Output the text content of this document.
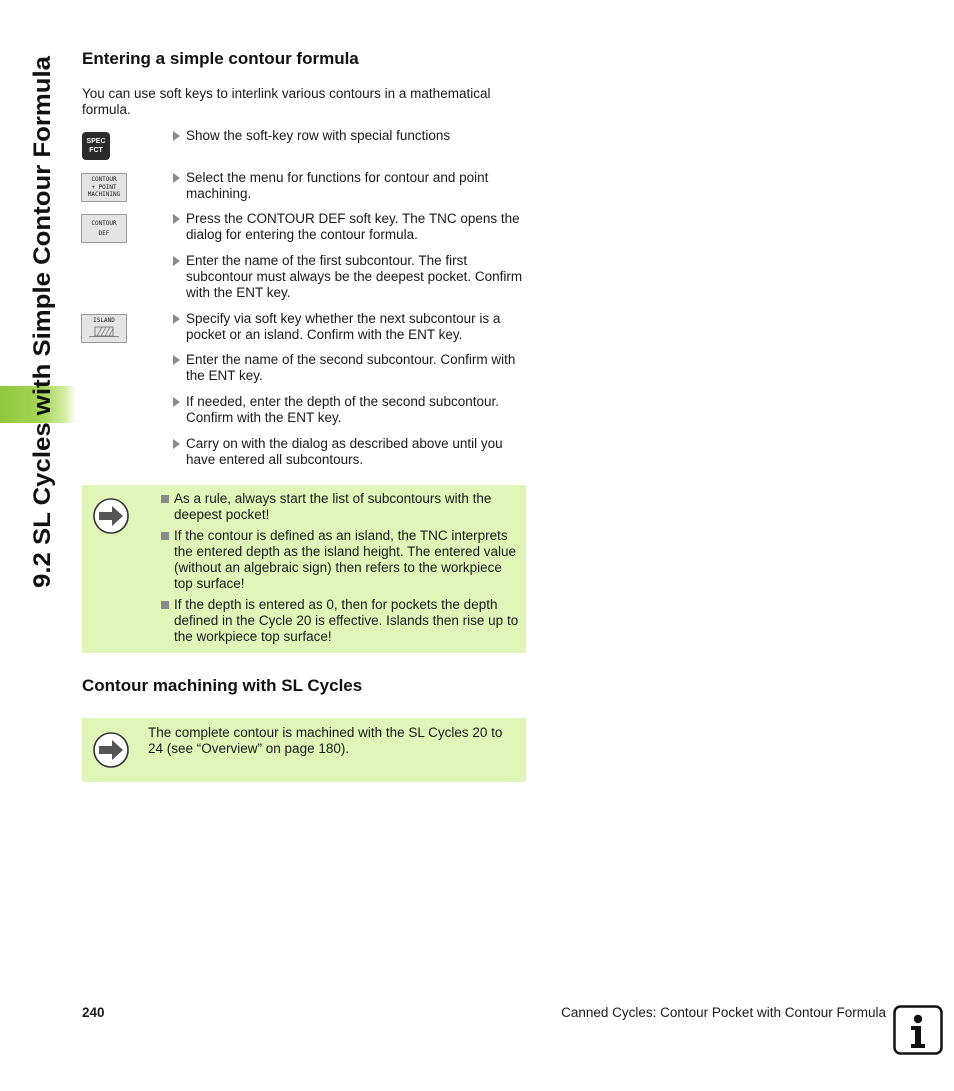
9.2 SL Cycles with Simple Contour Formula
Entering a simple contour formula

You can use soft keys to interlink various contours in a mathematical formula.

SPEC
FCT
CONTOUR
+ POINT
MACHINING
CONTOUR
DEF
ISLAND
Show the soft-key row with special functions
Select the menu for functions for contour and point machining.
Press the CONTOUR DEF soft key. The TNC opens the dialog for entering the contour formula.
Enter the name of the first subcontour. The first subcontour must always be the deepest pocket. Confirm with the ENT key.
Specify via soft key whether the next subcontour is a pocket or an island. Confirm with the ENT key.
Enter the name of the second subcontour. Confirm with the ENT key.
If needed, enter the depth of the second subcontour. Confirm with the ENT key.
Carry on with the dialog as described above until you have entered all subcontours.
As a rule, always start the list of subcontours with the deepest pocket!
If the contour is defined as an island, the TNC interprets the entered depth as the island height. The entered value (without an algebraic sign) then refers to the workpiece top surface!
If the depth is entered as 0, then for pockets the depth defined in the Cycle 20 is effective. Islands then rise up to the workpiece top surface!
Contour machining with SL Cycles
The complete contour is machined with the SL Cycles 20 to 24 (see “Overview” on page 180).
240	Canned Cycles: Contour Pocket with Contour Formula
